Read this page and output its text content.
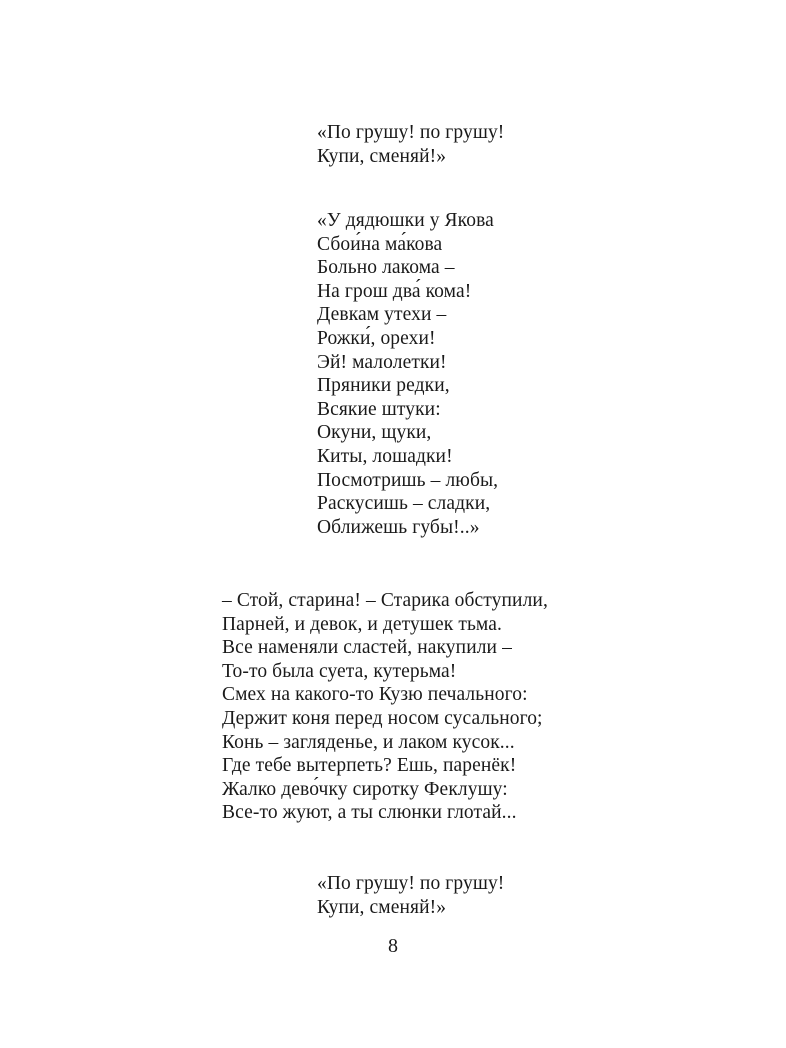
«По грушу! по грушу!
Купи, сменяй!»
«У дядюшки у Якова
Сбои́на ма́кова
Больно лакома –
На грош два́ кома!
Девкам утехи –
Рожки́, орехи!
Эй! малолетки!
Пряники редки,
Всякие штуки:
Окуни, щуки,
Киты, лошадки!
Посмотришь – любы,
Раскусишь – сладки,
Оближешь губы!..»
– Стой, старина! – Старика обступили,
Парней, и девок, и детушек тьма.
Все наменяли сластей, накупили –
То-то была суета, кутерьма!
Смех на какого-то Кузю печального:
Держит коня перед носом сусального;
Конь – загляденье, и лаком кусок...
Где тебе вытерпеть? Ешь, паренёк!
Жалко дево́чку сиротку Феклушу:
Все-то жуют, а ты слюнки глотай...
«По грушу! по грушу!
Купи, сменяй!»
8
